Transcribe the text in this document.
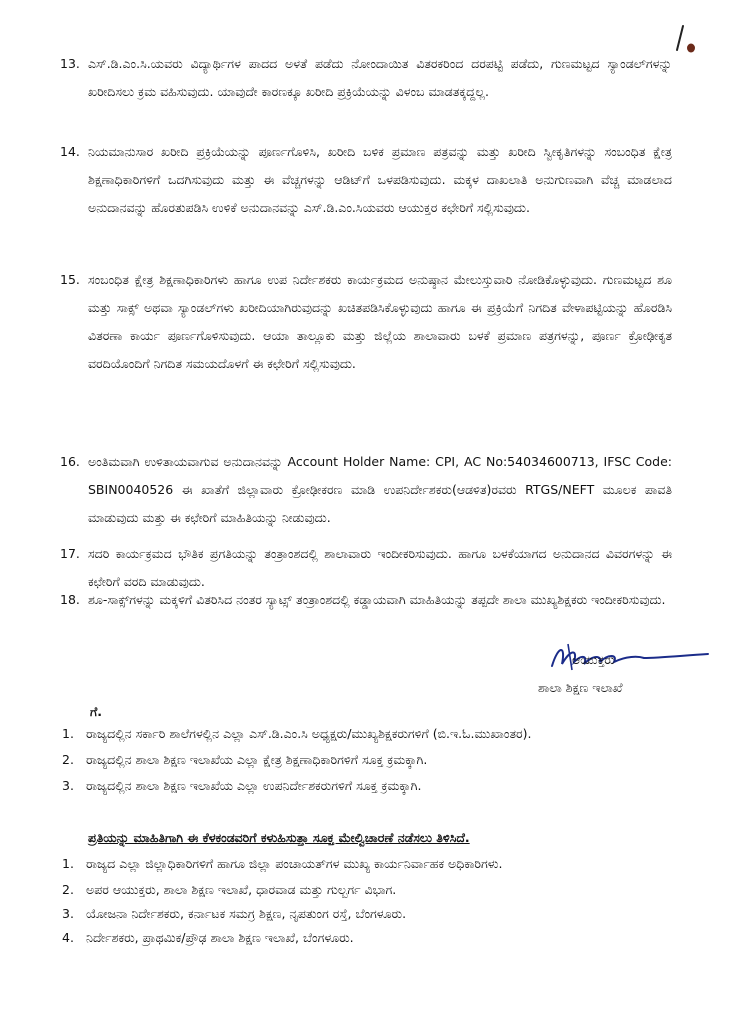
13. ಎಸ್.ಡಿ.ಎಂ.ಸಿ.ಯವರು ವಿದ್ಯಾರ್ಥಿಗಳ ಪಾದದ ಅಳತೆ ಪಡೆದು ನೋಂದಾಯಿತ ವಿತರಕರಿಂದ ದರಪಟ್ಟಿ ಪಡೆದು, ಗುಣಮಟ್ಟದ ಸ್ಯಾಂಡಲ್‌ಗಳನ್ನು ಖರೀದಿಸಲು ಕ್ರಮ ವಹಿಸುವುದು. ಯಾವುದೇ ಕಾರಣಕ್ಕೂ ಖರೀದಿ ಪ್ರಕ್ರಿಯೆಯನ್ನು ವಿಳಂಬ ಮಾಡತಕ್ಕದ್ದಲ್ಲ.
14. ನಿಯಮಾನುಸಾರ ಖರೀದಿ ಪ್ರಕ್ರಿಯೆಯನ್ನು ಪೂರ್ಣಗೊಳಿಸಿ, ಖರೀದಿ ಬಳಿಕ ಪ್ರಮಾಣ ಪತ್ರವನ್ನು ಮತ್ತು ಖರೀದಿ ಸ್ವೀಕೃತಿಗಳನ್ನು ಸಂಬಂಧಿತ ಕ್ಷೇತ್ರ ಶಿಕ್ಷಣಾಧಿಕಾರಿಗಳಿಗೆ ಒದಗಿಸುವುದು ಮತ್ತು ಈ ವೆಚ್ಚಗಳನ್ನು ಆಡಿಟ್‌ಗೆ ಒಳಪಡಿಸುವುದು. ಮಕ್ಕಳ ದಾಖಲಾತಿ ಅನುಗುಣವಾಗಿ ವೆಚ್ಚ ಮಾಡಲಾದ ಅನುದಾನವನ್ನು ಹೊರತುಪಡಿಸಿ ಉಳಿಕೆ ಅನುದಾನವನ್ನು ಎಸ್.ಡಿ.ಎಂ.ಸಿಯವರು ಆಯುಕ್ತರ ಕಛೇರಿಗೆ ಸಲ್ಲಿಸುವುದು.
15. ಸಂಬಂಧಿತ ಕ್ಷೇತ್ರ ಶಿಕ್ಷಣಾಧಿಕಾರಿಗಳು ಹಾಗೂ ಉಪ ನಿರ್ದೇಶಕರು ಕಾರ್ಯಕ್ರಮದ ಅನುಷ್ಠಾನ ಮೇಲುಸ್ತುವಾರಿ ನೋಡಿಕೊಳ್ಳುವುದು. ಗುಣಮಟ್ಟದ ಶೂ ಮತ್ತು ಸಾಕ್ಸ್ ಅಥವಾ ಸ್ಯಾಂಡಲ್‌ಗಳು ಖರೀದಿಯಾಗಿರುವುದನ್ನು ಖಚಿತಪಡಿಸಿಕೊಳ್ಳುವುದು ಹಾಗೂ ಈ ಪ್ರಕ್ರಿಯೆಗೆ ನಿಗದಿತ ವೇಳಾಪಟ್ಟಿಯನ್ನು ಹೊರಡಿಸಿ ವಿತರಣಾ ಕಾರ್ಯ ಪೂರ್ಣಗೊಳಿಸುವುದು. ಆಯಾ ತಾಲ್ಲೂಕು ಮತ್ತು ಜಿಲ್ಲೆಯ ಶಾಲಾವಾರು ಬಳಕೆ ಪ್ರಮಾಣ ಪತ್ರಗಳನ್ನು, ಪೂರ್ಣ ಕ್ರೋಢೀಕೃತ ವರದಿಯೊಂದಿಗೆ ನಿಗದಿತ ಸಮಯದೊಳಗೆ ಈ ಕಛೇರಿಗೆ ಸಲ್ಲಿಸುವುದು.
16. ಅಂತಿಮವಾಗಿ ಉಳಿತಾಯವಾಗುವ ಅನುದಾನವನ್ನು Account Holder Name: CPI, AC No:54034600713, IFSC Code: SBIN0040526 ಈ ಖಾತೆಗೆ ಜಿಲ್ಲಾವಾರು ಕ್ರೋಢೀಕರಣ ಮಾಡಿ ಉಪನಿರ್ದೇಶಕರು(ಆಡಳಿತ)ರವರು RTGS/NEFT ಮೂಲಕ ಪಾವತಿ ಮಾಡುವುದು ಮತ್ತು ಈ ಕಛೇರಿಗೆ ಮಾಹಿತಿಯನ್ನು ನೀಡುವುದು.
17. ಸದರಿ ಕಾರ್ಯಕ್ರಮದ ಭೌತಿಕ ಪ್ರಗತಿಯನ್ನು ತಂತ್ರಾಂಶದಲ್ಲಿ ಶಾಲಾವಾರು ಇಂದೀಕರಿಸುವುದು. ಹಾಗೂ ಬಳಕೆಯಾಗದ ಅನುದಾನದ ವಿವರಗಳನ್ನು ಈ ಕಛೇರಿಗೆ ವರದಿ ಮಾಡುವುದು.
18. ಶೂ-ಸಾಕ್ಸ್‌ಗಳನ್ನು ಮಕ್ಕಳಿಗೆ ವಿತರಿಸಿದ ನಂತರ ಸ್ಯಾಟ್ಸ್ ತಂತ್ರಾಂಶದಲ್ಲಿ ಕಡ್ಡಾಯವಾಗಿ ಮಾಹಿತಿಯನ್ನು ತಪ್ಪದೇ ಶಾಲಾ ಮುಖ್ಯಶಿಕ್ಷಕರು ಇಂದೀಕರಿಸುವುದು.
ಆಯುಕ್ತರು
ಶಾಲಾ ಶಿಕ್ಷಣ ಇಲಾಖೆ
ಗೆ.
1. ರಾಜ್ಯದಲ್ಲಿನ ಸರ್ಕಾರಿ ಶಾಲೆಗಳಲ್ಲಿನ ಎಲ್ಲಾ ಎಸ್.ಡಿ.ಎಂ.ಸಿ ಅಧ್ಯಕ್ಷರು/ಮುಖ್ಯಶಿಕ್ಷಕರುಗಳಿಗೆ (ಬಿ.ಇ.ಓ.ಮುಖಾಂತರ).
2. ರಾಜ್ಯದಲ್ಲಿನ ಶಾಲಾ ಶಿಕ್ಷಣ ಇಲಾಖೆಯ ಎಲ್ಲಾ ಕ್ಷೇತ್ರ ಶಿಕ್ಷಣಾಧಿಕಾರಿಗಳಿಗೆ ಸೂಕ್ತ ಕ್ರಮಕ್ಕಾಗಿ.
3. ರಾಜ್ಯದಲ್ಲಿನ ಶಾಲಾ ಶಿಕ್ಷಣ ಇಲಾಖೆಯ ಎಲ್ಲಾ ಉಪನಿರ್ದೇಶಕರುಗಳಿಗೆ ಸೂಕ್ತ ಕ್ರಮಕ್ಕಾಗಿ.
ಪ್ರತಿಯನ್ನು ಮಾಹಿತಿಗಾಗಿ ಈ ಕೆಳಕಂಡವರಿಗೆ ಕಳುಹಿಸುತ್ತಾ ಸೂಕ್ತ ಮೇಲ್ವಿಚಾರಣೆ ನಡೆಸಲು ತಿಳಿಸಿದೆ.
1. ರಾಜ್ಯದ ಎಲ್ಲಾ ಜಿಲ್ಲಾಧಿಕಾರಿಗಳಿಗೆ ಹಾಗೂ ಜಿಲ್ಲಾ ಪಂಚಾಯತ್‌ಗಳ ಮುಖ್ಯ ಕಾರ್ಯನಿರ್ವಾಹಕ ಅಧಿಕಾರಿಗಳು.
2. ಅಪರ ಆಯುಕ್ತರು, ಶಾಲಾ ಶಿಕ್ಷಣ ಇಲಾಖೆ, ಧಾರವಾಡ ಮತ್ತು ಗುಲ್ಬರ್ಗ ವಿಭಾಗ.
3. ಯೋಜನಾ ನಿರ್ದೇಶಕರು, ಕರ್ನಾಟಕ ಸಮಗ್ರ ಶಿಕ್ಷಣ, ನೃಪತುಂಗ ರಸ್ತೆ, ಬೆಂಗಳೂರು.
4. ನಿರ್ದೇಶಕರು, ಪ್ರಾಥಮಿಕ/ಪ್ರೌಢ ಶಾಲಾ ಶಿಕ್ಷಣ ಇಲಾಖೆ, ಬೆಂಗಳೂರು.
